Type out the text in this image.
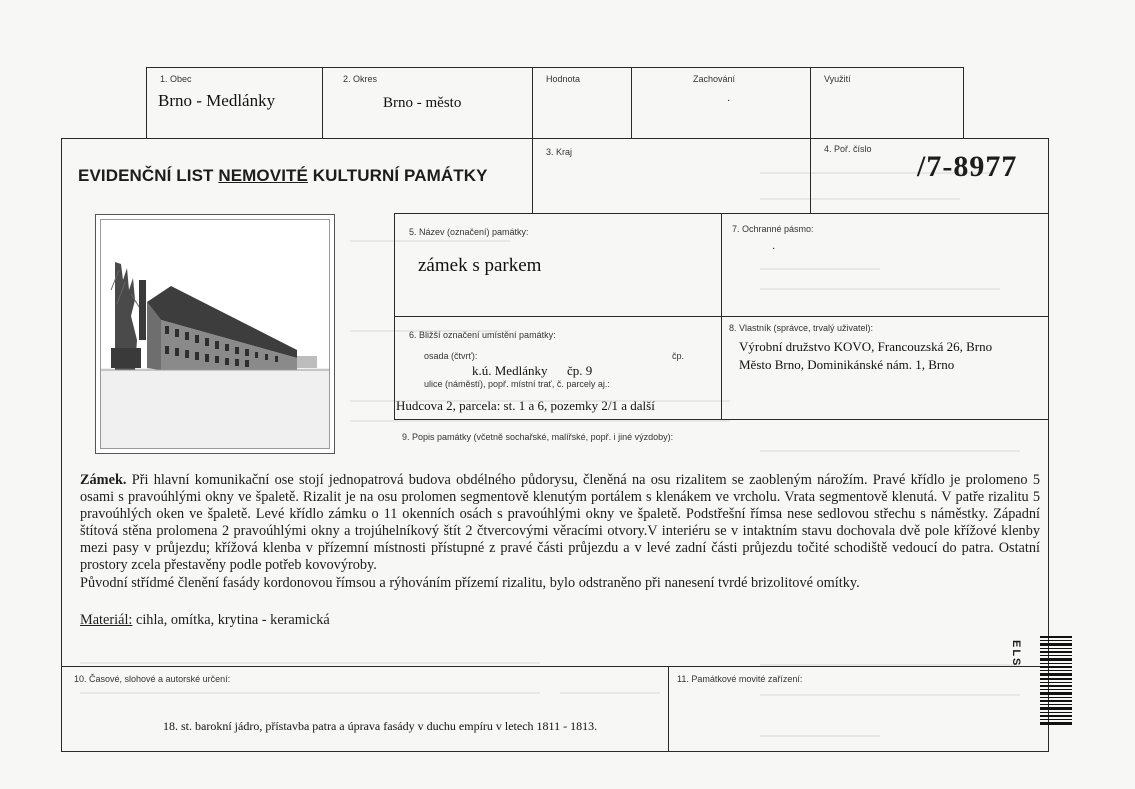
1. Obec
Brno - Medlánky
2. Okres
Brno - město
Hodnota	Zachování
·
Využití
3. Kraj	4. Poř. číslo
/7-8977
EVIDENČNÍ LIST NEMOVITÉ KULTURNÍ PAMÁTKY
5. Název (označení) památky:
zámek s parkem
7. Ochranné pásmo:
·
6. Bližší označení umístění památky:
osada (čtvrť):	čp.
k.ú. Medlánky čp. 9
ulice (náměstí), popř. místní trať, č. parcely aj.:
Hudcova 2, parcela: st. 1 a 6, pozemky 2/1 a další
8. Vlastník (správce, trvalý uživatel):
Výrobní družstvo KOVO, Francouzská 26, Brno
Město Brno, Dominikánské nám. 1, Brno
9. Popis památky (včetně sochařské, malířské, popř. i jiné výzdoby):

Zámek. Při hlavní komunikační ose stojí jednopatrová budova obdélného půdorysu, členěná na osu rizalitem se zaobleným nárožím. Pravé křídlo je prolomeno 5 osami s pravoúhlými okny ve špaletě. Rizalit je na osu prolomen segmentově klenutým portálem s klenákem ve vrcholu. Vrata segmentově klenutá. V patře rizalitu 5 pravoúhlých oken ve špaletě. Levé křídlo zámku o 11 okenních osách s pravoúhlými okny ve špaletě. Podstřešní římsa nese sedlovou střechu s náměstky. Západní štítová stěna prolomena 2 pravoúhlými okny a trojúhelníkový štít 2 čtvercovými věracími otvory.V interiéru se v intaktním stavu dochovala dvě pole křížové klenby mezi pasy v průjezdu; křížová klenba v přízemní místnosti přístupné z pravé části průjezdu a v levé zadní části průjezdu točité schodiště vedoucí do patra. Ostatní prostory zcela přestavěny podle potřeb kovovýroby.

Původní střídmé členění fasády kordonovou římsou a rýhováním přízemí rizalitu, bylo odstraněno při nanesení tvrdé brizolitové omítky.

Materiál: cihla, omítka, krytina - keramická
10. Časové, slohové a autorské určení:
18. st. barokní jádro, přístavba patra a úprava fasády v duchu empíru v letech 1811 - 1813.
11. Památkové movité zařízení:
ELS
